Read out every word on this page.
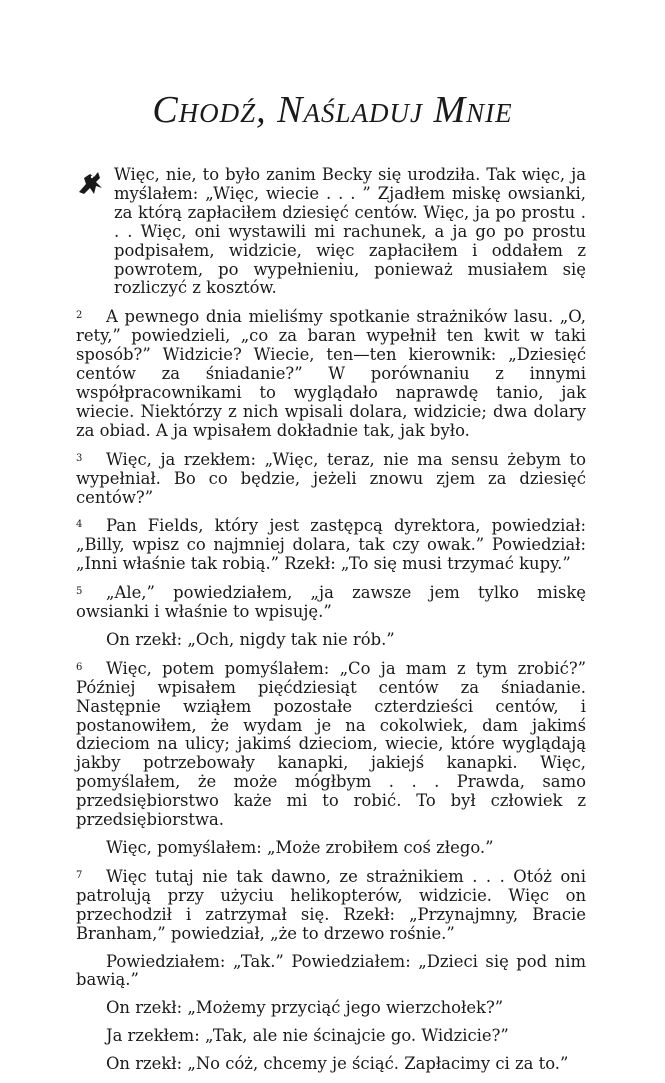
Chodź, Naśladuj Mnie

Więc, nie, to było zanim Becky się urodziła. Tak więc, ja myślałem: „Więc, wiecie . . . ” Zjadłem miskę owsianki, za którą zapłaciłem dziesięć centów. Więc, ja po prostu . . . Więc, oni wystawili mi rachunek, a ja go po prostu podpisałem, widzicie, więc zapłaciłem i oddałem z powrotem, po wypełnieniu, ponieważ musiałem się rozliczyć z kosztów.

2 A pewnego dnia mieliśmy spotkanie strażników lasu. „O, rety,” powiedzieli, „co za baran wypełnił ten kwit w taki sposób?” Widzicie? Wiecie, ten—ten kierownik: „Dziesięć centów za śniadanie?” W porównaniu z innymi współpracownikami to wyglądało naprawdę tanio, jak wiecie. Niektórzy z nich wpisali dolara, widzicie; dwa dolary za obiad. A ja wpisałem dokładnie tak, jak było.

3 Więc, ja rzekłem: „Więc, teraz, nie ma sensu żebym to wypełniał. Bo co będzie, jeżeli znowu zjem za dziesięć centów?”

4 Pan Fields, który jest zastępcą dyrektora, powiedział: „Billy, wpisz co najmniej dolara, tak czy owak.” Powiedział: „Inni właśnie tak robią.” Rzekł: „To się musi trzymać kupy.”

5 „Ale,” powiedziałem, „ja zawsze jem tylko miskę owsianki i właśnie to wpisuję.”

On rzekł: „Och, nigdy tak nie rób.”

6 Więc, potem pomyślałem: „Co ja mam z tym zrobić?” Później wpisałem pięćdziesiąt centów za śniadanie. Następnie wziąłem pozostałe czterdzieści centów, i postanowiłem, że wydam je na cokolwiek, dam jakimś dzieciom na ulicy; jakimś dzieciom, wiecie, które wyglądają jakby potrzebowały kanapki, jakiejś kanapki. Więc, pomyślałem, że może mógłbym . . . Prawda, samo przedsiębiorstwo każe mi to robić. To był człowiek z przedsiębiorstwa.

Więc, pomyślałem: „Może zrobiłem coś złego.”

7 Więc tutaj nie tak dawno, ze strażnikiem . . . Otóż oni patrolują przy użyciu helikopterów, widzicie. Więc on przechodził i zatrzymał się. Rzekł: „Przynajmny, Bracie Branham,” powiedział, „że to drzewo rośnie.”

Powiedziałem: „Tak.” Powiedziałem: „Dzieci się pod nim bawią.”

On rzekł: „Możemy przyciąć jego wierzchołek?”

Ja rzekłem: „Tak, ale nie ścinajcie go. Widzicie?”

On rzekł: „No cóż, chcemy je ściąć. Zapłacimy ci za to.”
